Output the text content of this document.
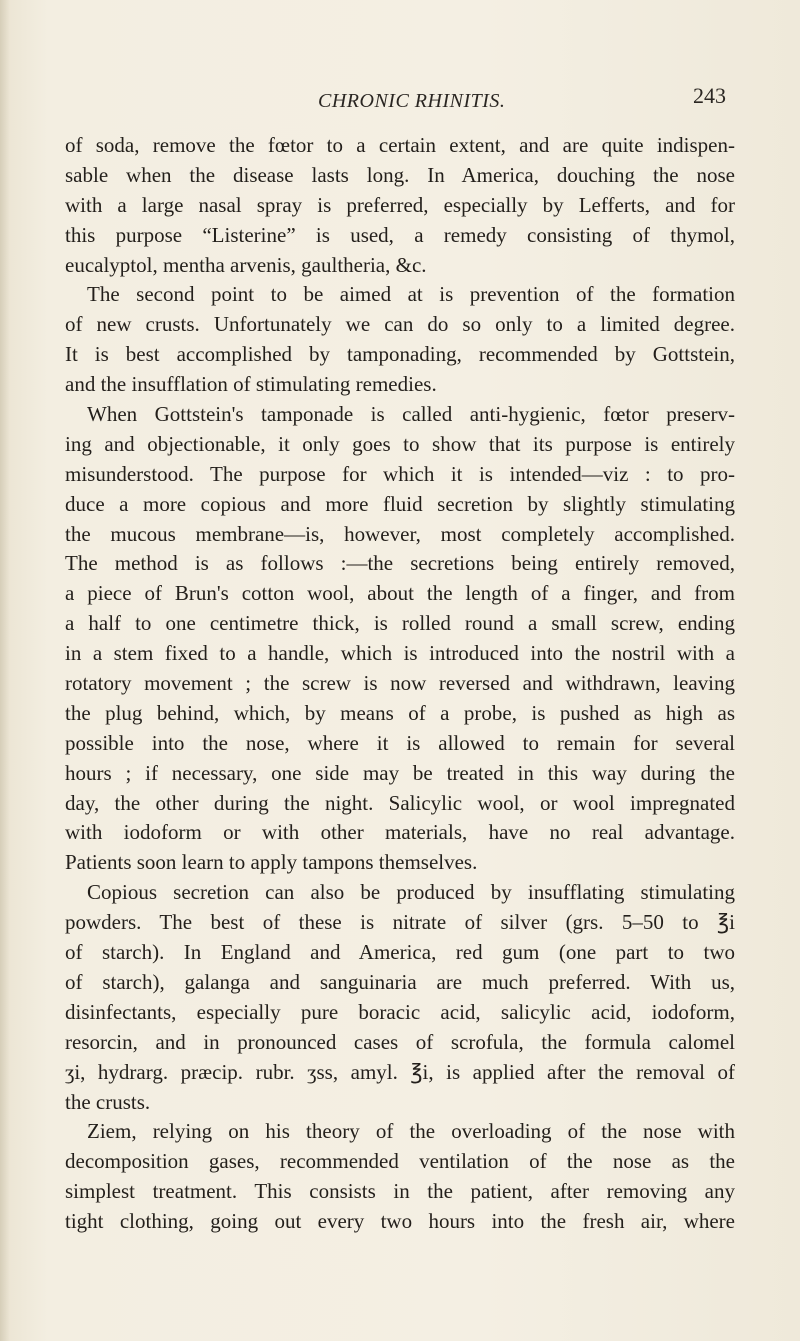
CHRONIC RHINITIS.	243
of soda, remove the fœtor to a certain extent, and are quite indispen-
sable when the disease lasts long. In America, douching the nose
with a large nasal spray is preferred, especially by Lefferts, and for
this purpose “Listerine” is used, a remedy consisting of thymol,
eucalyptol, mentha arvenis, gaultheria, &c.
The second point to be aimed at is prevention of the formation
of new crusts. Unfortunately we can do so only to a limited degree.
It is best accomplished by tamponading, recommended by Gottstein,
and the insufflation of stimulating remedies.
When Gottstein's tamponade is called anti-hygienic, fœtor preserv-
ing and objectionable, it only goes to show that its purpose is entirely
misunderstood. The purpose for which it is intended—viz : to pro-
duce a more copious and more fluid secretion by slightly stimulating
the mucous membrane—is, however, most completely accomplished.
The method is as follows :—the secretions being entirely removed,
a piece of Brun's cotton wool, about the length of a finger, and from
a half to one centimetre thick, is rolled round a small screw, ending
in a stem fixed to a handle, which is introduced into the nostril with a
rotatory movement ; the screw is now reversed and withdrawn, leaving
the plug behind, which, by means of a probe, is pushed as high as
possible into the nose, where it is allowed to remain for several
hours ; if necessary, one side may be treated in this way during the
day, the other during the night. Salicylic wool, or wool impregnated
with iodoform or with other materials, have no real advantage.
Patients soon learn to apply tampons themselves.
Copious secretion can also be produced by insufflating stimulating
powders. The best of these is nitrate of silver (grs. 5–50 to ℥i
of starch). In England and America, red gum (one part to two
of starch), galanga and sanguinaria are much preferred. With us,
disinfectants, especially pure boracic acid, salicylic acid, iodoform,
resorcin, and in pronounced cases of scrofula, the formula calomel
ʒi, hydrarg. præcip. rubr. ʒss, amyl. ℥i, is applied after the removal of
the crusts.
Ziem, relying on his theory of the overloading of the nose with
decomposition gases, recommended ventilation of the nose as the
simplest treatment. This consists in the patient, after removing any
tight clothing, going out every two hours into the fresh air, where
